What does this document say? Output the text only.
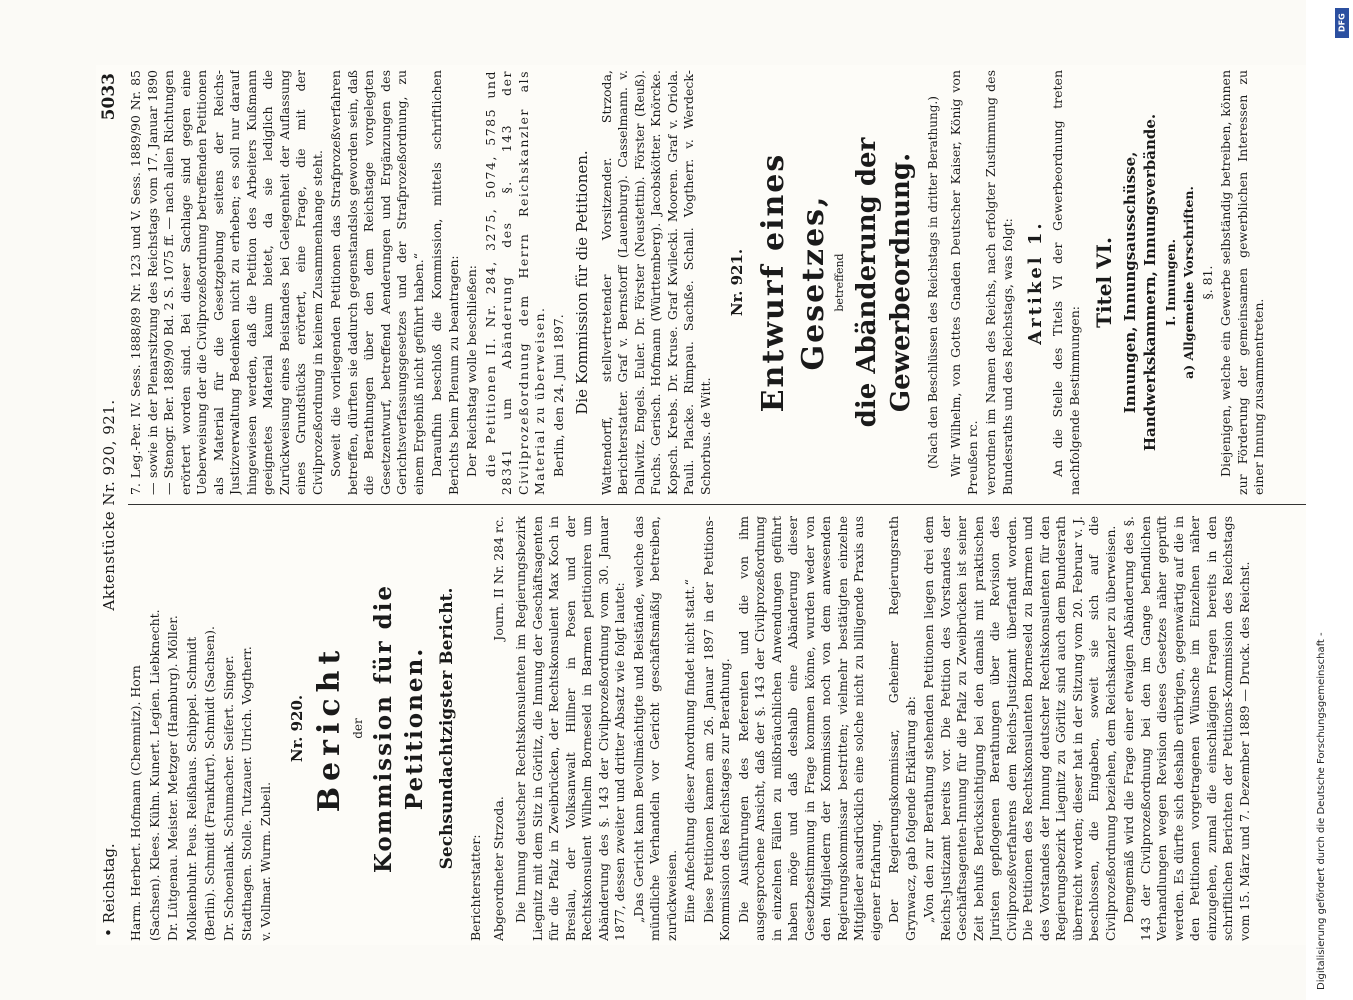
• Reichstag.
Aktenstücke Nr. 920, 921.
5033

Harm. Herbert. Hofmann (Chemnitz). Horn (Sachsen). Klees. Kühn. Kunert. Legien. Liebknecht. Dr. Lütgenau. Meister. Metzger (Hamburg). Möller. Molkenbuhr. Peus. Reißhaus. Schippel. Schmidt (Berlin). Schmidt (Frankfurt). Schmidt (Sachsen). Dr. Schoenlank. Schumacher. Seifert. Singer. Stadthagen. Stolle. Tutzauer. Ulrich. Vogtherr. v. Vollmar. Wurm. Zubeil.

Nr. 920. Bericht der Kommission für die Petitionen. Sechsundachtzigster Bericht.

Berichterstatter: Abgeordneter Strzoda.
Journ. II Nr. 284 rc. Die Innung deutscher Rechtskonsulenten im Regierungsbezirk Liegnitz mit dem Sitz in Görlitz, die Innung der Geschäftsagenten für die Pfalz in Zweibrücken, der Rechtskonsulent Max Koch in Breslau, der Volksanwalt Hillner in Posen und der Rechtskonsulent Wilhelm Borneseld in Barmen petitioniren um Abänderung des §. 143 der Civilprozeßordnung vom 30. Januar 1877, dessen zweiter und dritter Absatz wie folgt lautet: „Das Gericht kann Bevollmächtigte und Beistände, welche das mündliche Verhandeln vor Gericht geschäftsmäßig betreiben, zurückweisen. Eine Anfechtung dieser Anordnung findet nicht statt.“ Diese Petitionen kamen am 26. Januar 1897 in der Petitions-Kommission des Reichstages zur Berathung. Die Ausführungen des Referenten und die von ihm ausgesprochene Ansicht, daß der §. 143 der Civilprozeßordnung in einzelnen Fällen zu mißbräuchlichen Anwendungen geführt haben möge und daß deshalb eine Abänderung dieser Gesetzbestimmung in Frage kommen könne, wurden weder von den Mitgliedern der Kommission noch von dem anwesenden Regierungskommissar bestritten; vielmehr bestätigten einzelne Mitglieder ausdrücklich eine solche nicht zu billigende Praxis aus eigener Erfahrung. Der Regierungskommissar, Geheimer Regierungsrath Grynwacz, gab folgende Erklärung ab: „Von den zur Berathung stehenden Petitionen liegen drei dem Reichs-Justizamt bereits vor. Die Petition des Vorstandes der Geschäftsagenten-Innung für die Pfalz zu Zweibrücken ist seiner Zeit behufs Berücksichtigung bei den damals mit praktischen Juristen gepflogenen Berathungen über die Revision des Civilprozeßverfahrens dem Reichs-Justizamt überfandt worden. Die Petitionen des Rechtskonsulenten Borneseld zu Barmen und des Vorstandes der Innung deutscher Rechtskonsulenten für den Regierungsbezirk Liegnitz zu Görlitz sind auch dem Bundesrath überreicht worden; dieser hat in der Sitzung vom 20. Februar v. J. beschlossen, die Eingaben, soweit sie sich auf die Civilprozeßordnung beziehen, dem Reichskanzler zu überweisen. Demgemäß wird die Frage einer etwaigen Abänderung des §. 143 der Civilprozeßordnung bei den im Gange befindlichen Verhandlungen wegen Revision dieses Gesetzes näher geprüft werden. Es dürfte sich deshalb erübrigen, gegenwärtig auf die in den Petitionen vorgetragenen Wünsche im Einzelnen näher einzugehen, zumal die einschlägigen Fragen bereits in den schriftlichen Berichten der Petitions-Kommission des Reichstags vom 15. März und 7. Dezember 1889 — Druck. des Reichst.

7. Leg.-Per. IV. Sess. 1888/89 Nr. 123 und V. Sess. 1889/90 Nr. 85 — sowie in der Plenarsitzung des Reichstags vom 17. Januar 1890 — Stenogr. Ber. 1889/90 Bd. 2 S. 1075 ff. — nach allen Richtungen erörtert worden sind. Bei dieser Sachlage sind gegen eine Ueberweisung der die Civilprozeßordnung betreffenden Petitionen als Material für die Gesetzgebung seitens der Reichs-Justizverwaltung Bedenken nicht zu erheben; es soll nur darauf hingewiesen werden, daß die Petition des Arbeiters Kußmann geeignetes Material kaum bietet, da sie lediglich die Zurückweisung eines Beistandes bei Gelegenheit der Auflassung eines Grundstücks erörtert, eine Frage, die mit der Civilprozeßordnung in keinem Zusammenhange steht. Soweit die vorliegenden Petitionen das Strafprozeßverfahren betreffen, dürften sie dadurch gegenstandslos geworden sein, daß die Berathungen über den dem Reichstage vorgelegten Gesetzentwurf, betreffend Aenderungen und Ergänzungen des Gerichtsverfassungsgesetzes und der Strafprozeßordnung, zu einem Ergebniß nicht geführt haben.“ Daraufhin beschloß die Kommission, mittels schriftlichen Berichts beim Plenum zu beantragen: Der Reichstag wolle beschließen: die Petitionen II. Nr. 284, 3275, 5074, 5785 und 28341 um Abänderung des §. 143 der Civilprozeßordnung dem Herrn Reichskanzler als Material zu überweisen. Berlin, den 24. Juni 1897. Die Kommission für die Petitionen. Wattendorff, stellvertretender Vorsitzender. Strzoda, Berichterstatter. Graf v. Bernstorff (Lauenburg). Casselmann. v. Dallwitz. Engels. Euler. Dr. Förster (Neustettin). Förster (Reuß). Fuchs. Gerisch. Hofmann (Württemberg). Jacobskötter. Knörcke. Kopsch. Krebs. Dr. Kruse. Graf Kwilecki. Mooren. Graf v. Oriola. Pauli. Placke. Rimpau. Sachße. Schall. Vogtherr. v. Werdeck-Schorbus. de Witt.

Nr. 921. Entwurf eines Gesetzes, betreffend die Abänderung der Gewerbeordnung. (Nach den Beschlüssen des Reichstags in dritter Berathung.) Wir Wilhelm, von Gottes Gnaden Deutscher Kaiser, König von Preußen rc. verordnen im Namen des Reichs, nach erfolgter Zustimmung des Bundesraths und des Reichstags, was folgt: Artikel 1. An die Stelle des Titels VI der Gewerbeordnung treten nachfolgende Bestimmungen:

Titel VI. Innungen, Innungsausschüsse, Handwerkskammern, Innungsverbände. I. Innungen. a) Allgemeine Vorschriften. §. 81. Diejenigen, welche ein Gewerbe selbständig betreiben, können zur Förderung der gemeinsamen gewerblichen Interessen zu einer Innung zusammentreten.

Digitalisierung gefördert durch die Deutsche Forschungsgemeinschaft -
DFG
